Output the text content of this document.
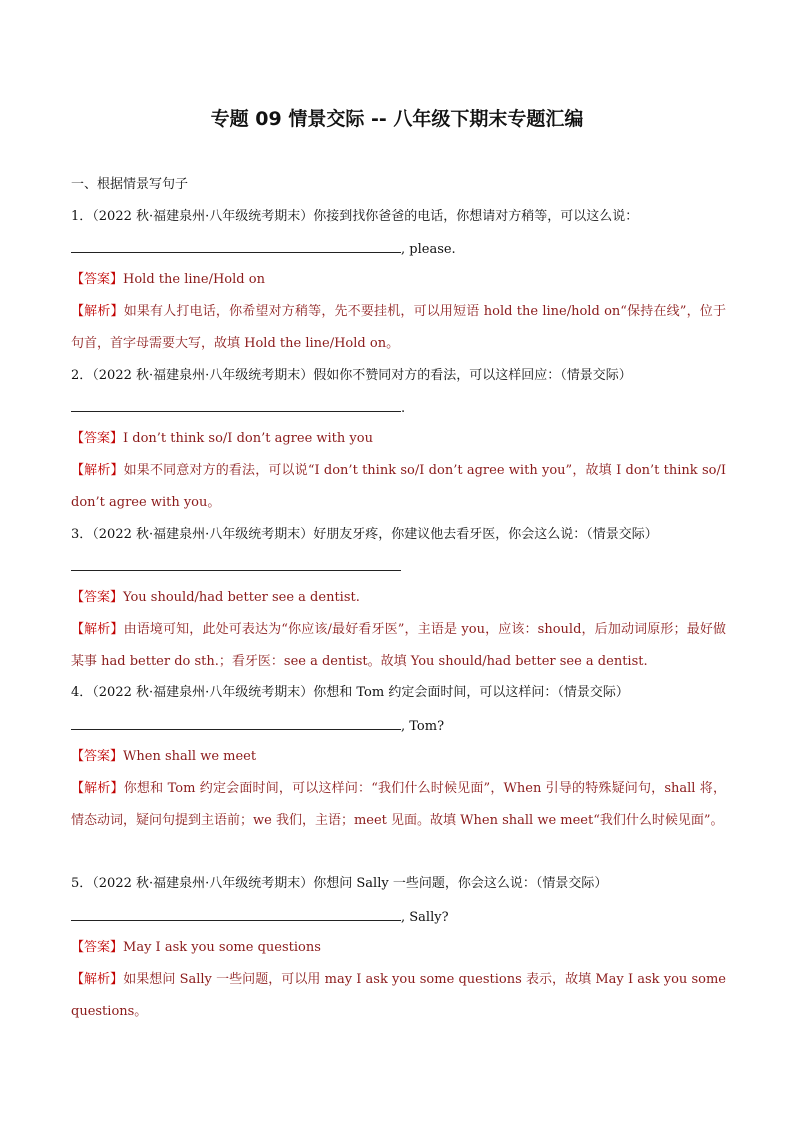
专题 09 情景交际 -- 八年级下期末专题汇编
一、根据情景写句子
1．（2022 秋·福建泉州·八年级统考期末）你接到找你爸爸的电话，你想请对方稍等，可以这么说：
, please.
【答案】Hold the line/Hold on
【解析】如果有人打电话，你希望对方稍等，先不要挂机，可以用短语 hold the line/hold on“保持在线”，位于句首，首字母需要大写，故填 Hold the line/Hold on。
2．（2022 秋·福建泉州·八年级统考期末）假如你不赞同对方的看法，可以这样回应：（情景交际）
.
【答案】I don’t think so/I don’t agree with you
【解析】如果不同意对方的看法，可以说“I don’t think so/I don’t agree with you”，故填 I don’t think so/I don’t agree with you。
3．（2022 秋·福建泉州·八年级统考期末）好朋友牙疼，你建议他去看牙医，你会这么说：（情景交际）
【答案】You should/had better see a dentist.
【解析】由语境可知，此处可表达为“你应该/最好看牙医”，主语是 you，应该：should，后加动词原形；最好做某事 had better do sth.；看牙医：see a dentist。故填 You should/had better see a dentist.
4．（2022 秋·福建泉州·八年级统考期末）你想和 Tom 约定会面时间，可以这样问：（情景交际）
, Tom?
【答案】When shall we meet
【解析】你想和 Tom 约定会面时间，可以这样问：“我们什么时候见面”，When 引导的特殊疑问句，shall 将，情态动词，疑问句提到主语前；we 我们，主语；meet 见面。故填 When shall we meet“我们什么时候见面”。
5．（2022 秋·福建泉州·八年级统考期末）你想问 Sally 一些问题，你会这么说：（情景交际）
, Sally?
【答案】May I ask you some questions
【解析】如果想问 Sally 一些问题，可以用 may I ask you some questions 表示，故填 May I ask you some questions。
